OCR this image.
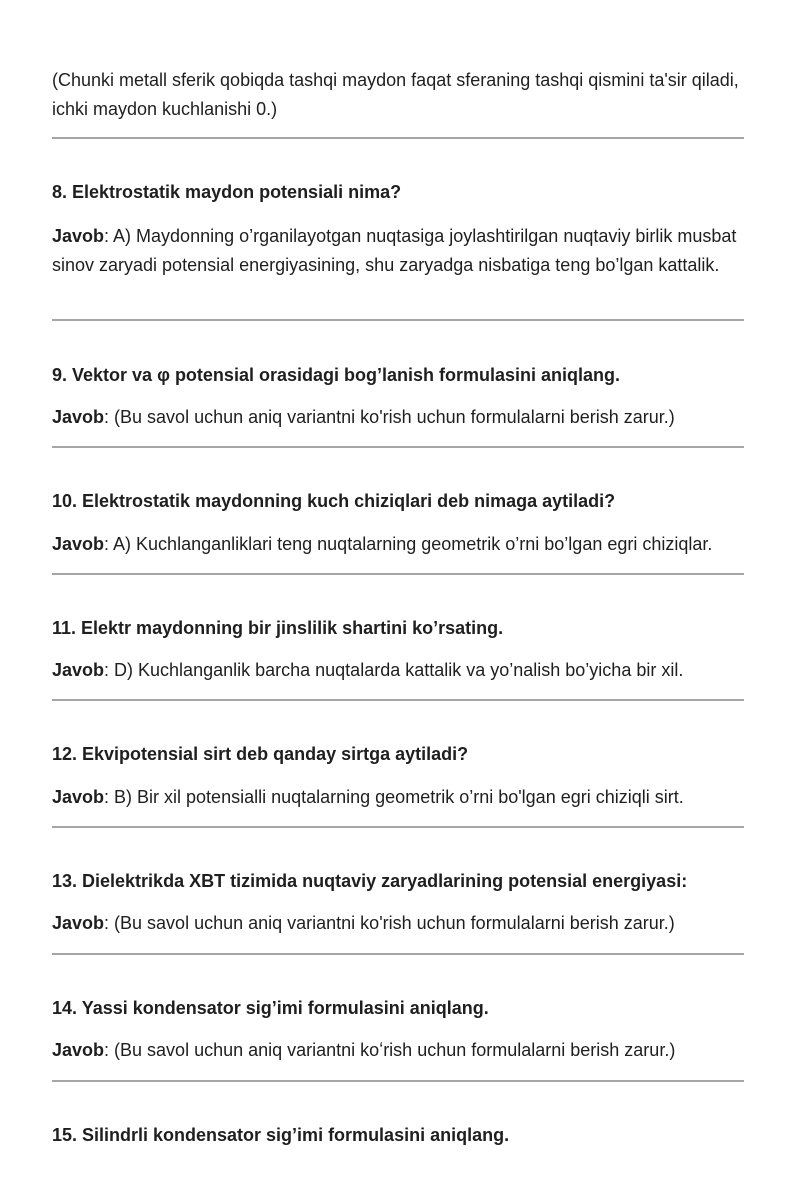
(Chunki metall sferik qobiqda tashqi maydon faqat sferaning tashqi qismini ta'sir qiladi, ichki maydon kuchlanishi 0.)

8. Elektrostatik maydon potensiali nima?

Javob: A) Maydonning o’rganilayotgan nuqtasiga joylashtirilgan nuqtaviy birlik musbat sinov zaryadi potensial energiyasining, shu zaryadga nisbatiga teng bo’lgan kattalik.

9. Vektor va φ potensial orasidagi bog’lanish formulasini aniqlang.

Javob: (Bu savol uchun aniq variantni ko'rish uchun formulalarni berish zarur.)

10. Elektrostatik maydonning kuch chiziqlari deb nimaga aytiladi?

Javob: A) Kuchlanganliklari teng nuqtalarning geometrik o’rni bo’lgan egri chiziqlar.

11. Elektr maydonning bir jinslilik shartini ko’rsating.

Javob: D) Kuchlanganlik barcha nuqtalarda kattalik va yo’nalish bo’yicha bir xil.

12. Ekvipotensial sirt deb qanday sirtga aytiladi?

Javob: B) Bir xil potensialli nuqtalarning geometrik o’rni bo'lgan egri chiziqli sirt.

13. Dielektrikda XBT tizimida nuqtaviy zaryadlarining potensial energiyasi:

Javob: (Bu savol uchun aniq variantni ko'rish uchun formulalarni berish zarur.)

14. Yassi kondensator sig’imi formulasini aniqlang.

Javob: (Bu savol uchun aniq variantni koʻrish uchun formulalarni berish zarur.)

15. Silindrli kondensator sig’imi formulasini aniqlang.
